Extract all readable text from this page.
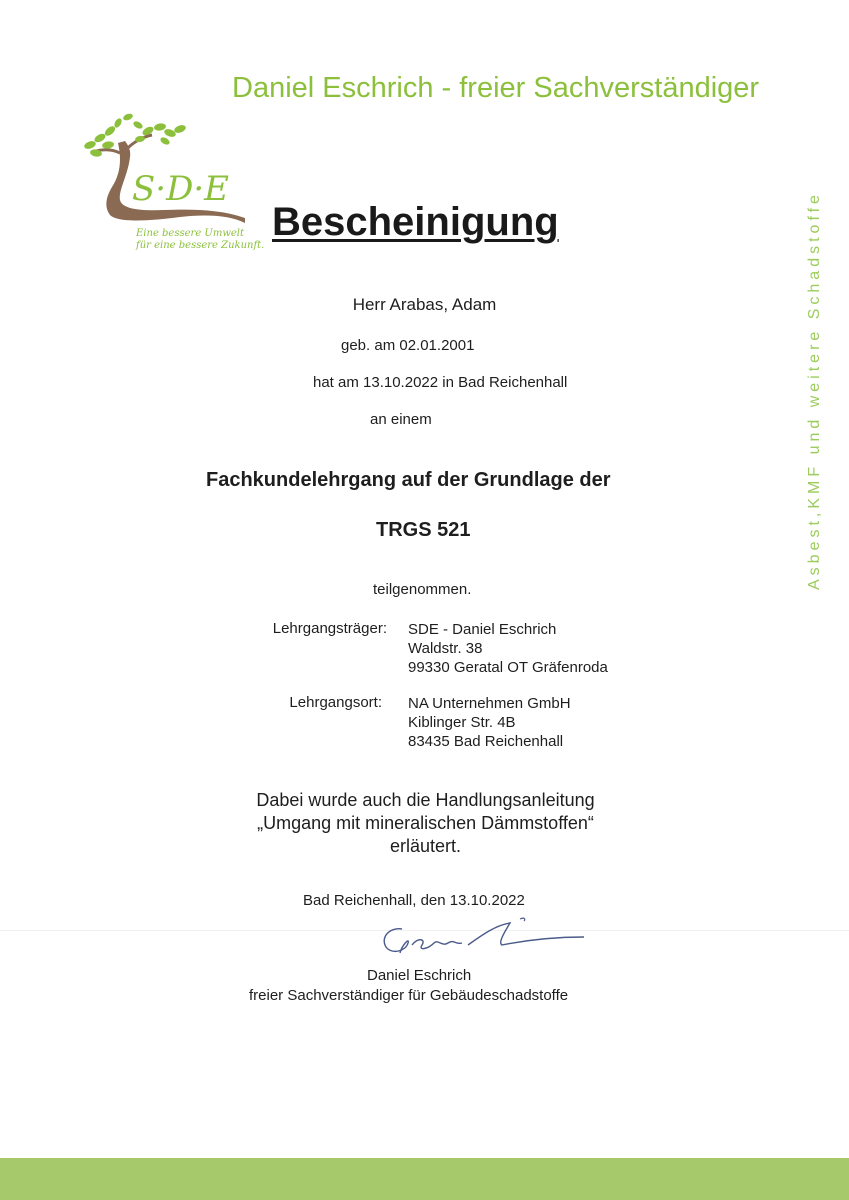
Daniel Eschrich - freier Sachverständiger
Asbest,KMF und weitere Schadstoffe
S·D·E
Eine bessere Umwelt
für eine bessere Zukunft.
Bescheinigung
Herr Arabas, Adam
geb. am 02.01.2001
hat am 13.10.2022 in Bad Reichenhall
an einem
Fachkundelehrgang auf der Grundlage der
TRGS 521
teilgenommen.
Lehrgangsträger: SDE - Daniel Eschrich
Waldstr. 38
99330 Geratal OT Gräfenroda
Lehrgangsort: NA Unternehmen GmbH
Kiblinger Str. 4B
83435 Bad Reichenhall
Dabei wurde auch die Handlungsanleitung
„Umgang mit mineralischen Dämmstoffen“
erläutert.
Bad Reichenhall, den 13.10.2022
Daniel Eschrich
freier Sachverständiger für Gebäudeschadstoffe
